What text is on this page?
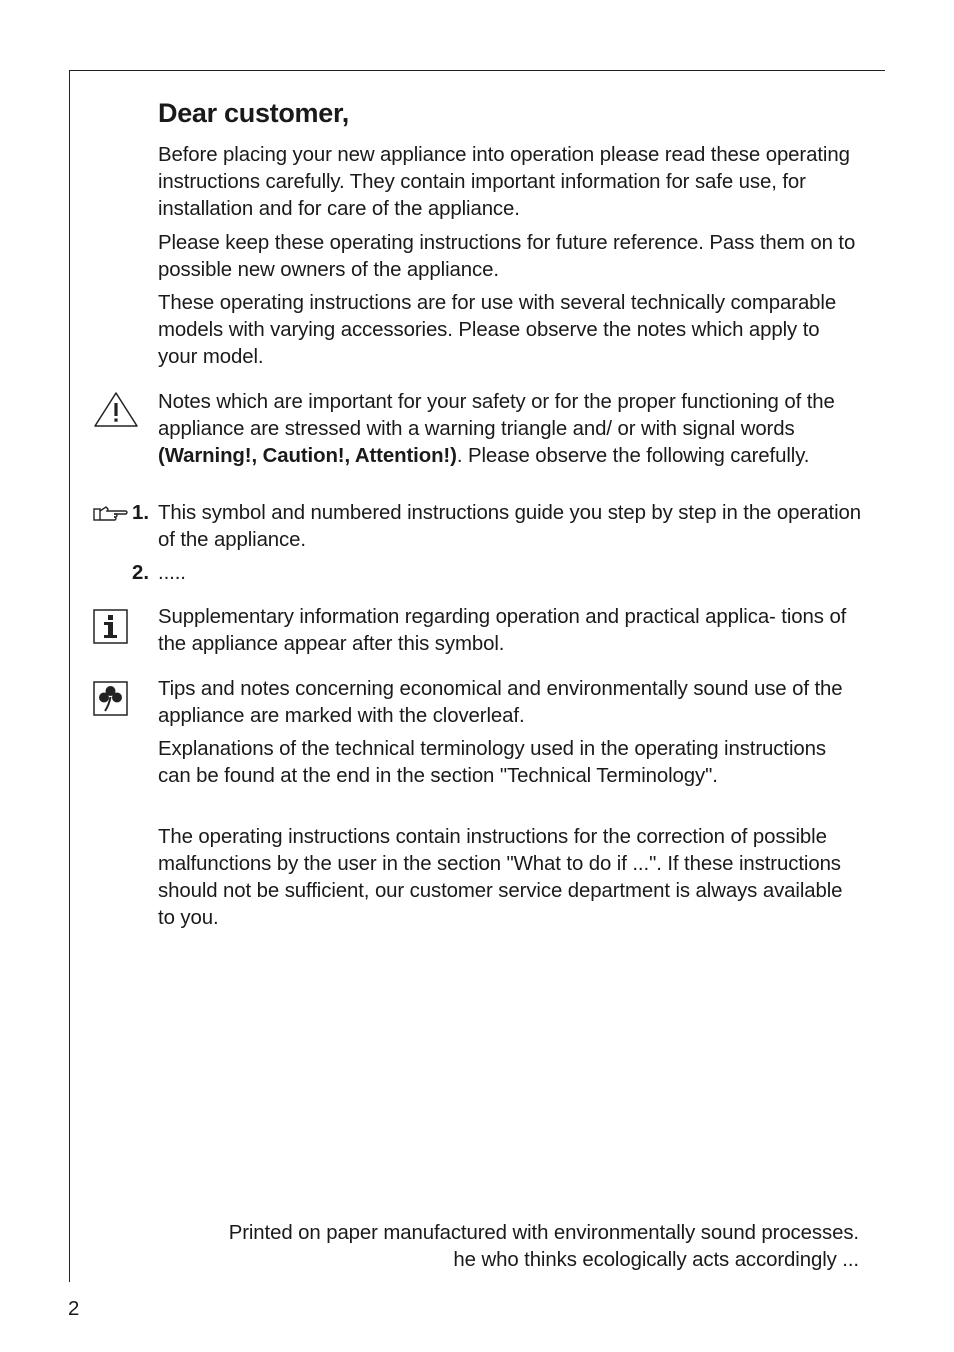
Dear customer,

Before placing your new appliance into operation please read these operating instructions carefully. They contain important information for safe use, for installation and for care of the appliance.

Please keep these operating instructions for future reference. Pass them on to possible new owners of the appliance.

These operating instructions are for use with several technically comparable models with varying accessories. Please observe the notes which apply to your model.

Notes which are important for your safety or for the proper functioning of the appliance are stressed with a warning triangle and/ or with signal words (Warning!, Caution!, Attention!). Please observe the following carefully.

1. This symbol and numbered instructions guide you step by step in the operation of the appliance.

2. .....

Supplementary information regarding operation and practical applica- tions of the appliance appear after this symbol.

Tips and notes concerning economical and environmentally sound use of the appliance are marked with the cloverleaf.

Explanations of the technical terminology used in the operating instructions can be found at the end in the section "Technical Terminology".

The operating instructions contain instructions for the correction of possible malfunctions by the user in the section "What to do if ...". If these instructions should not be sufficient, our customer service department is always available to you.

Printed on paper manufactured with environmentally sound processes.
he who thinks ecologically acts accordingly ...
2
